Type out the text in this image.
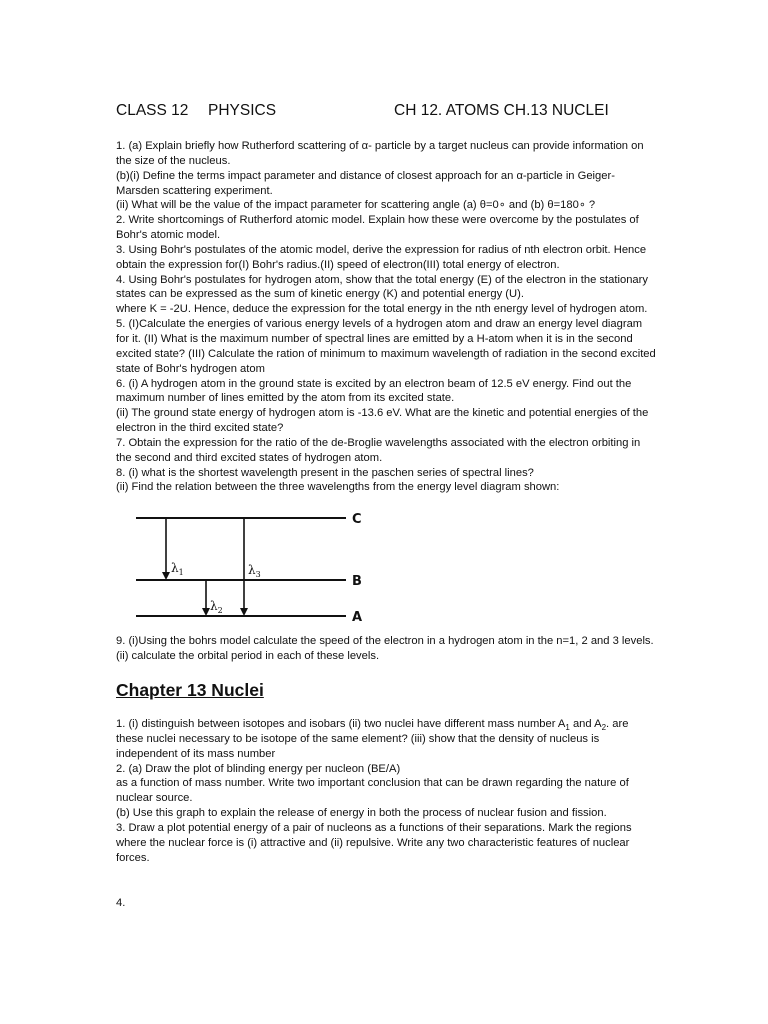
CLASS 12 PHYSICS	CH 12. ATOMS CH.13 NUCLEI

1. (a) Explain briefly how Rutherford scattering of α- particle by a target nucleus can provide information on the size of the nucleus.

(b)(i) Define the terms impact parameter and distance of closest approach for an α-particle in Geiger-Marsden scattering experiment.

(ii) What will be the value of the impact parameter for scattering angle (a) θ=0∘ and (b) θ=180∘ ?

2. Write shortcomings of Rutherford atomic model. Explain how these were overcome by the postulates of Bohr's atomic model.

3. Using Bohr's postulates of the atomic model, derive the expression for radius of nth electron orbit. Hence obtain the expression for(I) Bohr's radius.(II) speed of electron(III) total energy of electron.

4. Using Bohr's postulates for hydrogen atom, show that the total energy (E) of the electron in the stationary states can be expressed as the sum of kinetic energy (K) and potential energy (U).

where K = -2U. Hence, deduce the expression for the total energy in the nth energy level of hydrogen atom.

5. (I)Calculate the energies of various energy levels of a hydrogen atom and draw an energy level diagram for it. (II) What is the maximum number of spectral lines are emitted by a H-atom when it is in the second excited state? (III) Calculate the ration of minimum to maximum wavelength of radiation in the second excited state of Bohr's hydrogen atom

6. (i) A hydrogen atom in the ground state is excited by an electron beam of 12.5 eV energy. Find out the maximum number of lines emitted by the atom from its excited state.

(ii) The ground state energy of hydrogen atom is -13.6 eV. What are the kinetic and potential energies of the electron in the third excited state?

7. Obtain the expression for the ratio of the de-Broglie wavelengths associated with the electron orbiting in the second and third excited states of hydrogen atom.

8. (i) what is the shortest wavelength present in the paschen series of spectral lines?

(ii) Find the relation between the three wavelengths from the energy level diagram shown:

C
B
A
$\lambda_1$	$\lambda_3$
$\lambda_2$

9. (i)Using the bohrs model calculate the speed of the electron in a hydrogen atom in the n=1, 2 and 3 levels. (ii) calculate the orbital period in each of these levels.

Chapter 13 Nuclei

1. (i) distinguish between isotopes and isobars (ii) two nuclei have different mass number $A_1$ and $A_2$. are these nuclei necessary to be isotope of the same element? (iii) show that the density of nucleus is independent of its mass number

2. (a) Draw the plot of blinding energy per nucleon (BE/A)

as a function of mass number. Write two important conclusion that can be drawn regarding the nature of nuclear source.

(b) Use this graph to explain the release of energy in both the process of nuclear fusion and fission.

3. Draw a plot potential energy of a pair of nucleons as a functions of their separations. Mark the regions where the nuclear force is (i) attractive and (ii) repulsive. Write any two characteristic features of nuclear forces.

4.
